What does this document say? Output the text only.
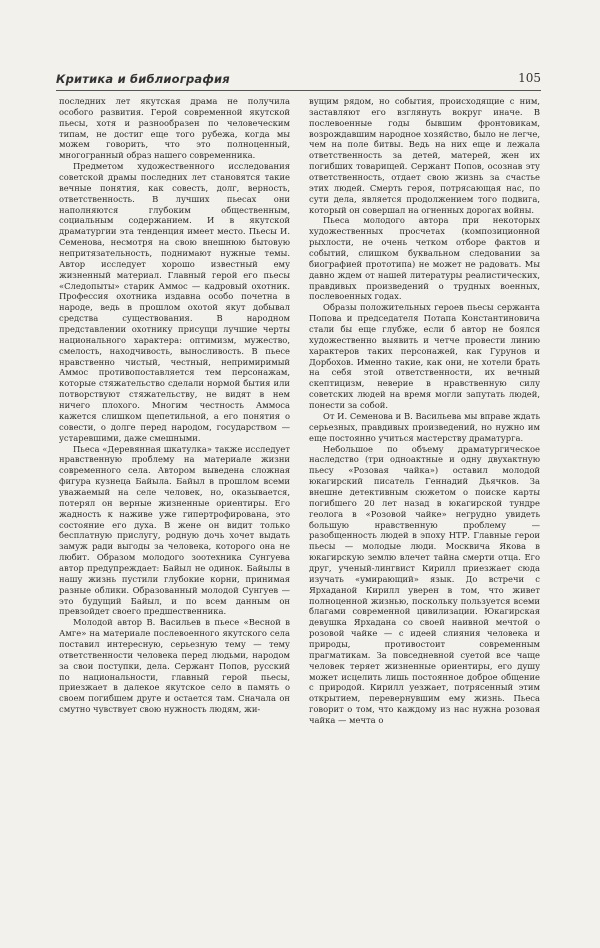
Критика и библиография	105

последних лет якутская драма не получила особого развития. Герой современной якутской пьесы, хотя и разнообразен по человеческим типам, не достиг еще того рубежа, когда мы можем говорить, что это полноценный, многогранный образ нашего современника.

Предметом художественного исследования советской драмы последних лет становятся такие вечные понятия, как совесть, долг, верность, ответственность. В лучших пьесах они наполняются глубоким общественным, социальным содержанием. И в якутской драматургии эта тенденция имеет место. Пьесы И. Семенова, несмотря на свою внешнюю бытовую непритязательность, поднимают нужные темы. Автор исследует хорошо известный ему жизненный материал. Главный герой его пьесы «Следопыты» старик Аммос — кадровый охотник. Профессия охотника издавна особо почетна в народе, ведь в прошлом охотой якут добывал средства существования. В народном представлении охотнику присущи лучшие черты национального характера: оптимизм, мужество, смелость, находчивость, выносливость. В пьесе нравственно чистый, честный, непримиримый Аммос противопоставляется тем персонажам, которые стяжательство сделали нормой бытия или потворствуют стяжательству, не видят в нем ничего плохого. Многим честность Аммоса кажется слишком щепетильной, а его понятия о совести, о долге перед народом, государством — устаревшими, даже смешными.

Пьеса «Деревянная шкатулка» также исследует нравственную проблему на материале жизни современного села. Автором выведена сложная фигура кузнеца Байыла. Байыл в прошлом всеми уважаемый на селе человек, но, оказывается, потерял он верные жизненные ориентиры. Его жадность к наживе уже гипертрофирована, это состояние его духа. В жене он видит только бесплатную прислугу, родную дочь хочет выдать замуж ради выгоды за человека, которого она не любит. Образом молодого зоотехника Сунгуева автор предупреждает: Байыл не одинок. Байылы в нашу жизнь пустили глубокие корни, принимая разные облики. Образованный молодой Сунгуев — это будущий Байыл, и по всем данным он превзойдет своего предшественника.

Молодой автор В. Васильев в пьесе «Весной в Амге» на материале послевоенного якутского села поставил интересную, серьезную тему — тему ответственности человека перед людьми, народом за свои поступки, дела. Сержант Попов, русский по национальности, главный герой пьесы, приезжает в далекое якутское село в память о своем погибшем друге и остается там. Сначала он смутно чувствует свою нужность людям, жи-

вущим рядом, но события, происходящие с ним, заставляют его взглянуть вокруг иначе. В послевоенные годы бывшим фронтовикам, возрождавшим народное хозяйство, было не легче, чем на поле битвы. Ведь на них еще и лежала ответственность за детей, матерей, жен их погибших товарищей. Сержант Попов, осознав эту ответственность, отдает свою жизнь за счастье этих людей. Смерть героя, потрясающая нас, по сути дела, является продолжением того подвига, который он совершал на огненных дорогах войны.

Пьеса молодого автора при некоторых художественных просчетах (композиционной рыхлости, не очень четком отборе фактов и событий, слишком буквальном следовании за биографией прототипа) не может не радовать. Мы давно ждем от нашей литературы реалистических, правдивых произведений о трудных военных, послевоенных годах.

Образы положительных героев пьесы сержанта Попова и председателя Потапа Константиновича стали бы еще глубже, если б автор не боялся художественно выявить и четче провести линию характеров таких персонажей, как Гурунов и Дорбохов. Именно такие, как они, не хотели брать на себя этой ответственности, их вечный скептицизм, неверие в нравственную силу советских людей на время могли запутать людей, понести за собой.

От И. Семенова и В. Васильева мы вправе ждать серьезных, правдивых произведений, но нужно им еще постоянно учиться мастерству драматурга.

Небольшое по объему драматургическое наследство (три одноактные и одну двухактную пьесу «Розовая чайка») оставил молодой юкагирский писатель Геннадий Дьячков. За внешне детективным сюжетом о поиске карты погибшего 20 лет назад в юкагирской тундре геолога в «Розовой чайке» негрудно увидеть большую нравственную проблему — разобщенность людей в эпоху НТР. Главные герои пьесы — молодые люди. Москвича Якова в юкагирскую землю влечет тайна смерти отца. Его друг, ученый-лингвист Кирилл приезжает сюда изучать «умирающий» язык. До встречи с Ярхаданой Кирилл уверен в том, что живет полноценной жизнью, поскольку пользуется всеми благами современной цивилизации. Юкагирская девушка Ярхадана со своей наивной мечтой о розовой чайке — с идеей слияния человека и природы, противостоит современным прагматикам. За повседневной суетой все чаще человек теряет жизненные ориентиры, его душу может исцелить лишь постоянное доброе общение с природой. Кирилл уезжает, потрясенный этим открытием, перевернувшим ему жизнь. Пьеса говорит о том, что каждому из нас нужна розовая чайка — мечта о
